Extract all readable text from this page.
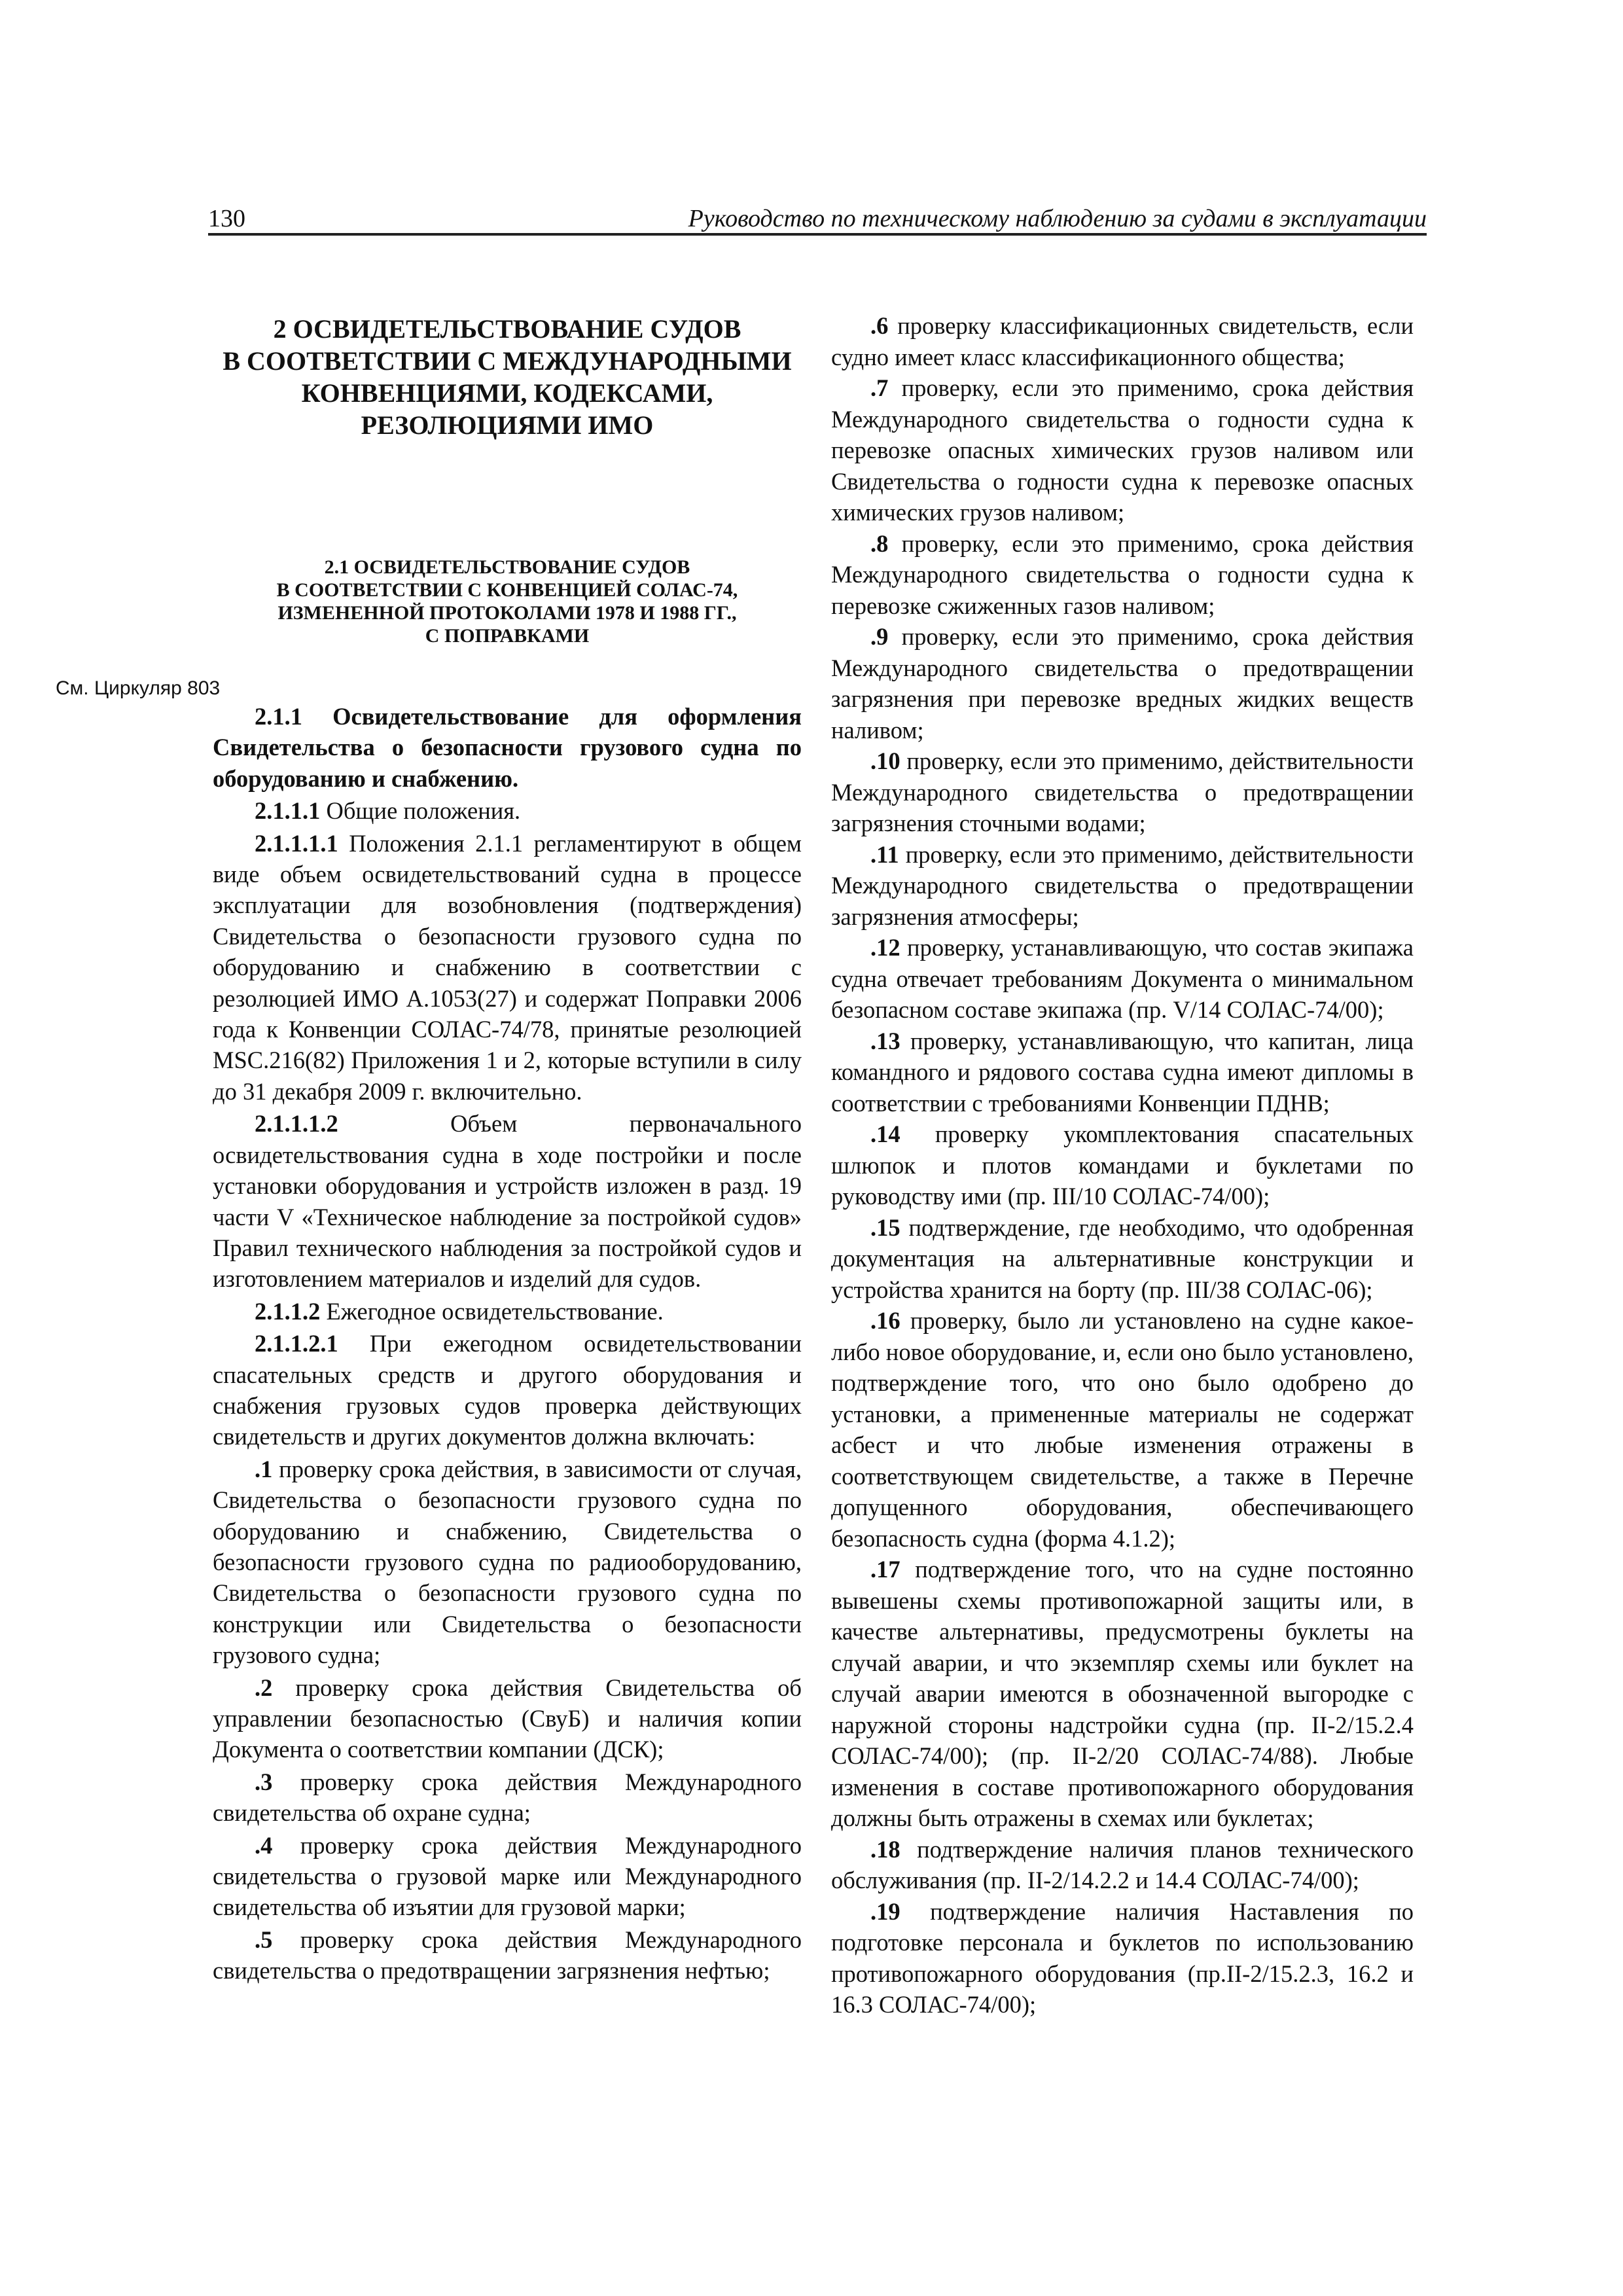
130	Руководство по техническому наблюдению за судами в эксплуатации
См. Циркуляр 803
2 ОСВИДЕТЕЛЬСТВОВАНИЕ СУДОВ
В СООТВЕТСТВИИ С МЕЖДУНАРОДНЫМИ
КОНВЕНЦИЯМИ, КОДЕКСАМИ,
РЕЗОЛЮЦИЯМИ ИМО
2.1 ОСВИДЕТЕЛЬСТВОВАНИЕ СУДОВ
В СООТВЕТСТВИИ С КОНВЕНЦИЕЙ СОЛАС-74,
ИЗМЕНЕННОЙ ПРОТОКОЛАМИ 1978 И 1988 ГГ.,
С ПОПРАВКАМИ
2.1.1 Освидетельствование для оформления Свидетельства о безопасности грузового судна по оборудованию и снабжению.
2.1.1.1 Общие положения.
2.1.1.1.1 Положения 2.1.1 регламентируют в общем виде объем освидетельствований судна в процессе эксплуатации для возобновления (подтверждения) Свидетельства о безопасности грузового судна по оборудованию и снабжению в соответствии с резолюцией ИМО А.1053(27) и содержат Поправки 2006 года к Конвенции СОЛАС-74/78, принятые резолюцией MSC.216(82) Приложения 1 и 2, которые вступили в силу до 31 декабря 2009 г. включительно.
2.1.1.1.2 Объем первоначального освидетельствования судна в ходе постройки и после установки оборудования и устройств изложен в разд. 19 части V «Техническое наблюдение за постройкой судов» Правил технического наблюдения за постройкой судов и изготовлением материалов и изделий для судов.
2.1.1.2 Ежегодное освидетельствование.
2.1.1.2.1 При ежегодном освидетельствовании спасательных средств и другого оборудования и снабжения грузовых судов проверка действующих свидетельств и других документов должна включать:
.1 проверку срока действия, в зависимости от случая, Свидетельства о безопасности грузового судна по оборудованию и снабжению, Свидетельства о безопасности грузового судна по радиооборудованию, Свидетельства о безопасности грузового судна по конструкции или Свидетельства о безопасности грузового судна;
.2 проверку срока действия Свидетельства об управлении безопасностью (СвуБ) и наличия копии Документа о соответствии компании (ДСК);
.3 проверку срока действия Международного свидетельства об охране судна;
.4 проверку срока действия Международного свидетельства о грузовой марке или Международного свидетельства об изъятии для грузовой марки;
.5 проверку срока действия Международного свидетельства о предотвращении загрязнения нефтью;
.6 проверку классификационных свидетельств, если судно имеет класс классификационного общества;
.7 проверку, если это применимо, срока действия Международного свидетельства о годности судна к перевозке опасных химических грузов наливом или Свидетельства о годности судна к перевозке опасных химических грузов наливом;
.8 проверку, если это применимо, срока действия Международного свидетельства о годности судна к перевозке сжиженных газов наливом;
.9 проверку, если это применимо, срока действия Международного свидетельства о предотвращении загрязнения при перевозке вредных жидких веществ наливом;
.10 проверку, если это применимо, действительности Международного свидетельства о предотвращении загрязнения сточными водами;
.11 проверку, если это применимо, действительности Международного свидетельства о предотвращении загрязнения атмосферы;
.12 проверку, устанавливающую, что состав экипажа судна отвечает требованиям Документа о минимальном безопасном составе экипажа (пр. V/14 СОЛАС-74/00);
.13 проверку, устанавливающую, что капитан, лица командного и рядового состава судна имеют дипломы в соответствии с требованиями Конвенции ПДНВ;
.14 проверку укомплектования спасательных шлюпок и плотов командами и буклетами по руководству ими (пр. III/10 СОЛАС-74/00);
.15 подтверждение, где необходимо, что одобренная документация на альтернативные конструкции и устройства хранится на борту (пр. III/38 СОЛАС-06);
.16 проверку, было ли установлено на судне какое-либо новое оборудование, и, если оно было установлено, подтверждение того, что оно было одобрено до установки, а примененные материалы не содержат асбест и что любые изменения отражены в соответствующем свидетельстве, а также в Перечне допущенного оборудования, обеспечивающего безопасность судна (форма 4.1.2);
.17 подтверждение того, что на судне постоянно вывешены схемы противопожарной защиты или, в качестве альтернативы, предусмотрены буклеты на случай аварии, и что экземпляр схемы или буклет на случай аварии имеются в обозначенной выгородке с наружной стороны надстройки судна (пр. II-2/15.2.4 СОЛАС-74/00); (пр. II-2/20 СОЛАС-74/88). Любые изменения в составе противопожарного оборудования должны быть отражены в схемах или буклетах;
.18 подтверждение наличия планов технического обслуживания (пр. II-2/14.2.2 и 14.4 СОЛАС-74/00);
.19 подтверждение наличия Наставления по подготовке персонала и буклетов по использованию противопожарного оборудования (пр.II-2/15.2.3, 16.2 и 16.3 СОЛАС-74/00);
